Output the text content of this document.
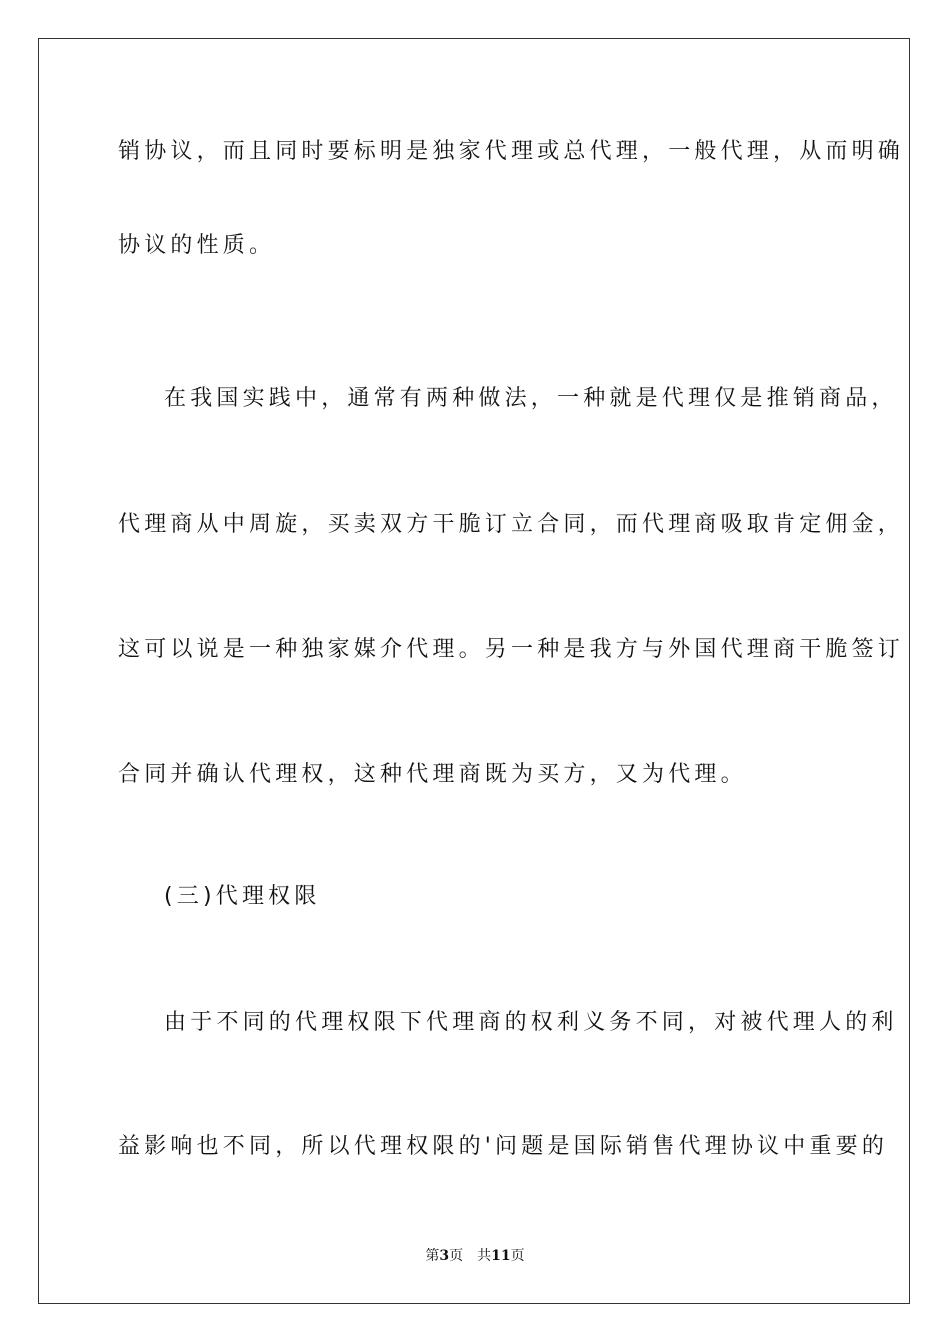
销协议，而且同时要标明是独家代理或总代理，一般代理，从而明确
协议的性质。
在我国实践中，通常有两种做法，一种就是代理仅是推销商品，
代理商从中周旋，买卖双方干脆订立合同，而代理商吸取肯定佣金，
这可以说是一种独家媒介代理。另一种是我方与外国代理商干脆签订
合同并确认代理权，这种代理商既为买方，又为代理。
(三)代理权限
由于不同的代理权限下代理商的权利义务不同，对被代理人的利
益影响也不同，所以代理权限的'问题是国际销售代理协议中重要的
第3页 共11页
